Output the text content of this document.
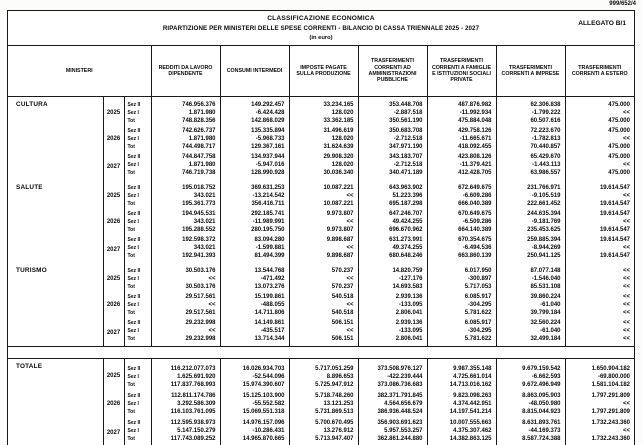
999/652/4
CLASSIFICAZIONE ECONOMICA
RIPARTIZIONE PER MINISTERI DELLE SPESE CORRENTI - BILANCIO DI CASSA TRIENNALE 2025 - 2027
(in euro)
ALLEGATO B/1
MINISTERI			REDDITI DA LAVORO DIPENDENTE	CONSUMI INTERMEDI	IMPOSTE PAGATE SULLA PRODUZIONE	TRASFERIMENTI CORRENTI AD AMMINISTRAZIONI PUBBLICHE	TRASFERIMENTI CORRENTI A FAMIGLIE E ISTITUZIONI SOCIALI PRIVATE	TRASFERIMENTI CORRENTI A IMPRESE	TRASFERIMENTI CORRENTI A ESTERO
CULTURA	2025	Sez II	746.956.376	149.292.457	33.234.165	353.448.708	487.876.982	62.306.838	475.000
		Sez I	1.871.980	-6.424.428	128.020	-2.887.518	-11.992.934	-1.799.222	<<
		Tot	748.828.356	142.868.029	33.362.185	350.561.190	475.884.048	60.507.616	475.000
	2026	Sez II	742.626.737	135.335.894	31.496.619	350.683.708	429.758.126	72.223.670	475.000
		Sez I	1.871.980	-5.968.733	128.020	-2.712.518	-11.665.671	-1.782.813	<<
		Tot	744.498.717	129.367.161	31.624.639	347.971.190	418.092.455	70.440.857	475.000
	2027	Sez II	744.847.758	134.937.944	29.908.320	343.183.707	423.808.126	65.429.670	475.000
		Sez I	1.871.980	-5.947.016	128.020	-2.712.518	-11.379.421	-1.443.113	<<
		Tot	746.719.738	128.990.928	30.036.340	340.471.189	412.428.705	63.986.557	475.000
SALUTE	2025	Sez II	195.018.752	369.631.253	10.087.221	643.963.902	672.649.675	231.766.971	19.614.547
		Sez I	343.021	-13.214.542	<<	51.223.396	-6.609.286	-9.105.519	<<
		Tot	195.361.773	356.416.711	10.087.221	695.187.298	666.040.389	222.661.452	19.614.547
	2026	Sez II	194.945.531	292.185.741	9.973.807	647.246.707	670.649.675	244.635.394	19.614.547
		Sez I	343.021	-11.989.991	<<	49.424.255	-6.509.286	-9.181.769	<<
		Tot	195.288.552	280.195.750	9.973.807	696.670.962	664.140.389	235.453.625	19.614.547
	2027	Sez II	192.598.372	83.094.280	9.898.687	631.273.991	670.354.675	259.885.394	19.614.547
		Sez I	343.021	-1.599.881	<<	49.374.255	-6.494.536	-8.944.269	<<
		Tot	192.941.393	81.494.399	9.898.687	680.648.246	663.860.139	250.941.125	19.614.547
TURISMO	2025	Sez II	30.503.176	13.544.768	570.237	14.820.759	6.017.950	87.077.148	<<
		Sez I	<<	-471.492	<<	-127.176	-300.897	-1.546.040	<<
		Tot	30.503.176	13.073.276	570.237	14.693.583	5.717.053	85.531.108	<<
	2026	Sez II	29.517.561	15.199.861	540.518	2.939.136	6.085.917	39.860.224	<<
		Sez I	<<	-488.055	<<	-133.095	-304.295	-61.040	<<
		Tot	29.517.561	14.711.806	540.518	2.806.041	5.781.622	39.799.184	<<
	2027	Sez II	29.232.998	14.149.861	506.151	2.939.136	6.085.917	32.560.224	<<
		Sez I	<<	-435.517	<<	-133.095	-304.295	-61.040	<<
		Tot	29.232.998	13.714.344	506.151	2.806.041	5.781.622	32.499.184	<<

TOTALE	2025	Sez II	116.212.077.073	16.026.934.703	5.717.051.259	373.508.976.127	9.987.355.148	9.679.159.542	1.650.904.182
		Sez I	1.625.691.920	-52.544.096	8.896.653	-422.239.444	4.725.661.014	-6.662.593	-69.800.000
		Tot	117.837.768.993	15.974.390.607	5.725.947.912	373.086.736.683	14.713.016.162	9.672.496.949	1.581.104.182
	2026	Sez II	112.811.174.786	15.125.103.900	5.718.748.260	382.371.791.845	9.823.098.263	8.863.095.903	1.797.291.809
		Sez I	3.292.586.309	-55.552.582	13.121.253	4.564.656.679	4.374.442.951	-48.050.980	<<
		Tot	116.103.761.095	15.069.551.318	5.731.869.513	386.936.448.524	14.197.541.214	8.815.044.923	1.797.291.809
	2027	Sez II	112.595.938.973	14.976.157.096	5.700.670.495	356.903.691.623	10.007.555.663	8.631.893.761	1.732.243.360
		Sez I	5.147.150.279	-10.286.431	13.276.912	5.957.553.257	4.375.307.462	-44.169.373	<<
		Tot	117.743.089.252	14.965.870.665	5.713.947.407	362.861.244.880	14.382.863.125	8.587.724.388	1.732.243.360
